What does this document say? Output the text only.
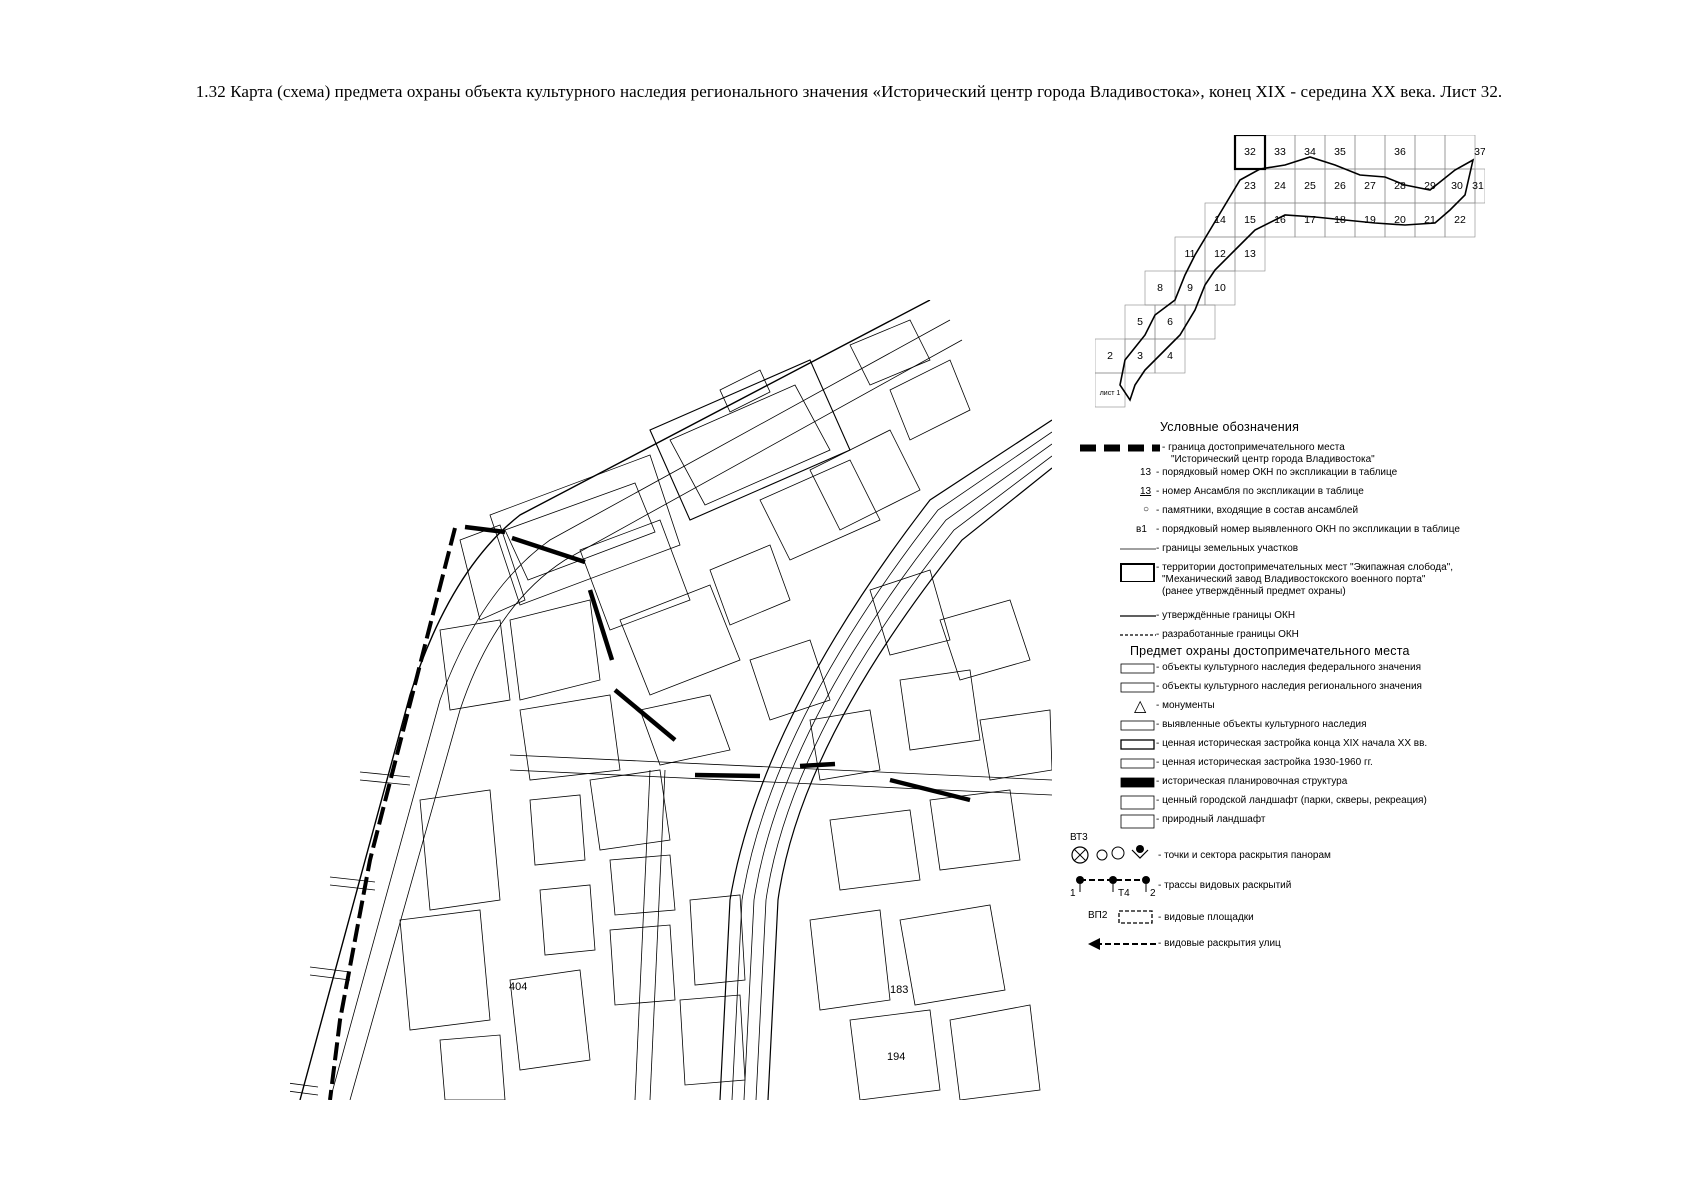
1.32 Карта (схема) предмета охраны объекта культурного наследия регионального значения «Исторический центр города Владивостока», конец XIX - середина XX века. Лист 32.
404	183
194
32 33 34 35	36	37
23 24 25 26 27 28 29 30 31
14 15 16 17 18 19 20 21 22
11 12 13
8 9 10
5 6
2 3 4
лист 1
Условные обозначения
- граница достопримечательного места
"Исторический центр города Владивостока"
13 - порядковый номер ОКН по экспликации в таблице
13 - номер Ансамбля по экспликации в таблице
○ - памятники, входящие в состав ансамблей
в1 - порядковый номер выявленного ОКН по экспликации в таблице
- границы земельных участков
- территории достопримечательных мест "Экипажная слобода",
"Механический завод Владивостокского военного порта"
(ранее утверждённый предмет охраны)
- утверждённые границы ОКН
- разработанные границы ОКН
Предмет охраны достопримечательного места
- объекты культурного наследия федерального значения
- объекты культурного наследия регионального значения
△ - монументы
- выявленные объекты культурного наследия
- ценная историческая застройка конца XIX начала XX вв.
- ценная историческая застройка 1930-1960 гг.
- историческая планировочная структура
- ценный городской ландшафт (парки, скверы, рекреация)
- природный ландшафт
ВТ3
- точки и сектора раскрытия панорам
1	Т4 2
- трассы видовых раскрытий
ВП2	- видовые площадки
- видовые раскрытия улиц
